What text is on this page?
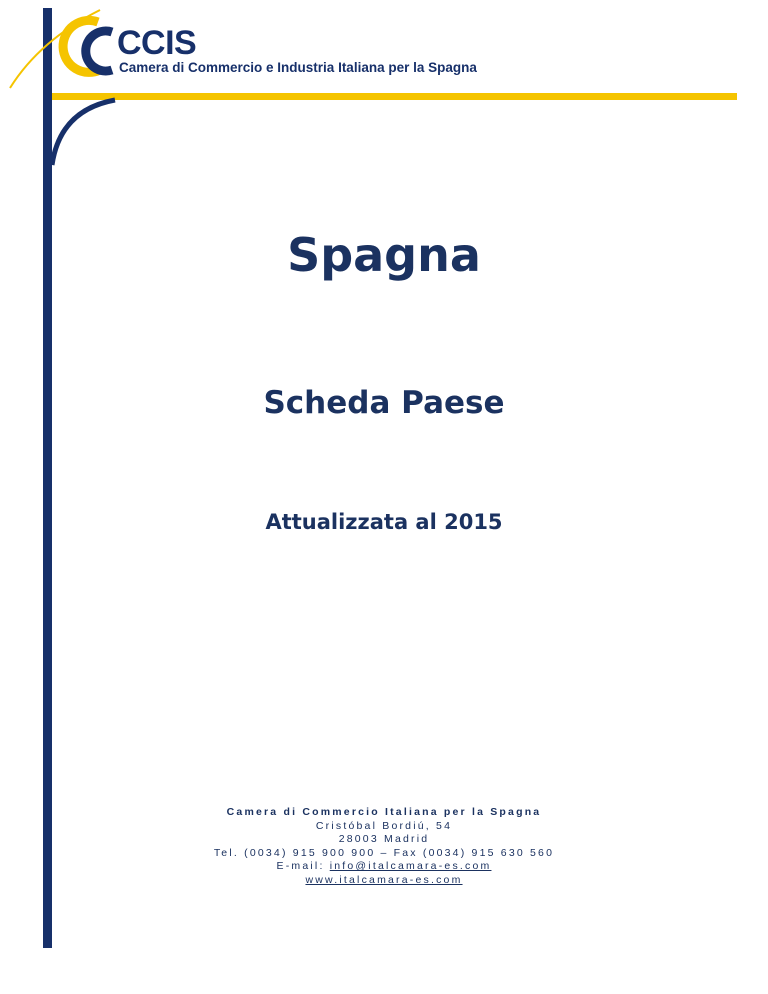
CCIS
Camera di Commercio e Industria Italiana per la Spagna
Spagna
Scheda Paese
Attualizzata al 2015
Camera di Commercio Italiana per la Spagna
Cristóbal Bordiú, 54
28003 Madrid
Tel. (0034) 915 900 900 – Fax (0034) 915 630 560
E-mail: info@italcamara-es.com
www.italcamara-es.com
